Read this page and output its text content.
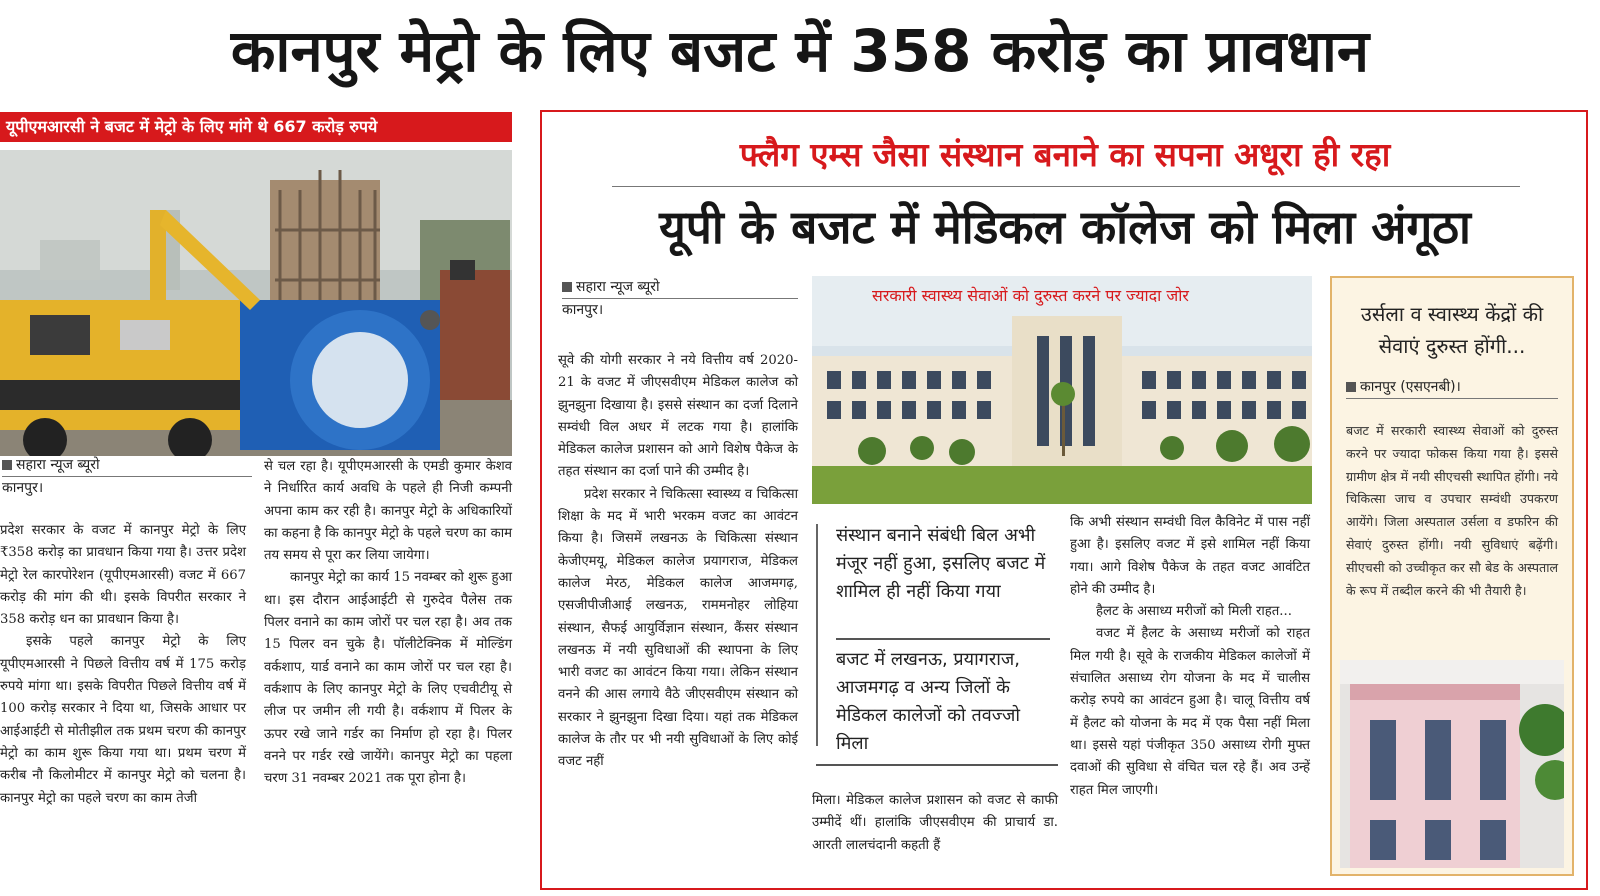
कानपुर मेट्रो के लिए बजट में 358 करोड़ का प्रावधान
यूपीएमआरसी ने बजट में मेट्रो के लिए मांगे थे 667 करोड़ रुपये
सहारा न्यूज ब्यूरो
कानपुर।

प्रदेश सरकार के वजट में कानपुर मेट्रो के लिए ₹358 करोड़ का प्रावधान किया गया है। उत्तर प्रदेश मेट्रो रेल कारपोरेशन (यूपीएमआरसी) वजट में 667 करोड़ की मांग की थी। इसके विपरीत सरकार ने 358 करोड़ धन का प्रावधान किया है।

इसके पहले कानपुर मेट्रो के लिए यूपीएमआरसी ने पिछले वित्तीय वर्ष में 175 करोड़ रुपये मांगा था। इसके विपरीत पिछले वित्तीय वर्ष में 100 करोड़ सरकार ने दिया था, जिसके आधार पर आईआईटी से मोतीझील तक प्रथम चरण की कानपुर मेट्रो का काम शुरू किया गया था। प्रथम चरण में करीब नौ किलोमीटर में कानपुर मेट्रो को चलना है। कानपुर मेट्रो का पहले चरण का काम तेजी

से चल रहा है। यूपीएमआरसी के एमडी कुमार केशव ने निर्धारित कार्य अवधि के पहले ही निजी कम्पनी अपना काम कर रही है। कानपुर मेट्रो के अधिकारियों का कहना है कि कानपुर मेट्रो के पहले चरण का काम तय समय से पूरा कर लिया जायेगा।

कानपुर मेट्रो का कार्य 15 नवम्बर को शुरू हुआ था। इस दौरान आईआईटी से गुरुदेव पैलेस तक पिलर वनाने का काम जोरों पर चल रहा है। अव तक 15 पिलर वन चुके है। पॉलीटेक्निक में मोल्डिंग वर्कशाप, यार्ड वनाने का काम जोरों पर चल रहा है। वर्कशाप के लिए कानपुर मेट्रो के लिए एचवीटीयू से लीज पर जमीन ली गयी है। वर्कशाप में पिलर के ऊपर रखे जाने गर्डर का निर्माण हो रहा है। पिलर वनने पर गर्डर रखे जायेंगे। कानपुर मेट्रो का पहला चरण 31 नवम्बर 2021 तक पूरा होना है।

फ्लैग एम्स जैसा संस्थान बनाने का सपना अधूरा ही रहा
यूपी के बजट में मेडिकल कॉलेज को मिला अंगूठा
सहारा न्यूज ब्यूरो
कानपुर।

सूवे की योगी सरकार ने नये वित्तीय वर्ष 2020-21 के वजट में जीएसवीएम मेडिकल कालेज को झुनझुना दिखाया है। इससे संस्थान का दर्जा दिलाने सम्वंधी विल अधर में लटक गया है। हालांकि मेडिकल कालेज प्रशासन को आगे विशेष पैकेज के तहत संस्थान का दर्जा पाने की उम्मीद है।

प्रदेश सरकार ने चिकित्सा स्वास्थ्य व चिकित्सा शिक्षा के मद में भारी भरकम वजट का आवंटन किया है। जिसमें लखनऊ के चिकित्सा संस्थान केजीएमयू, मेडिकल कालेज प्रयागराज, मेडिकल कालेज मेरठ, मेडिकल कालेज आजमगढ़, एसजीपीजीआई लखनऊ, राममनोहर लोहिया संस्थान, सैफई आयुर्विज्ञान संस्थान, कैंसर संस्थान लखनऊ में नयी सुविधाओं की स्थापना के लिए भारी वजट का आवंटन किया गया। लेकिन संस्थान वनने की आस लगाये वैठे जीएसवीएम संस्थान को सरकार ने झुनझुना दिखा दिया। यहां तक मेडिकल कालेज के तौर पर भी नयी सुविधाओं के लिए कोई वजट नहीं

सरकारी स्वास्थ्य सेवाओं को दुरुस्त करने पर ज्यादा जोर
संस्थान बनाने संबंधी बिल अभी मंजूर नहीं हुआ, इसलिए बजट में शामिल ही नहीं किया गया
बजट में लखनऊ, प्रयागराज, आजमगढ़ व अन्य जिलों के मेडिकल कालेजों को तवज्जो मिला
मिला। मेडिकल कालेज प्रशासन को वजट से काफी उम्मीदें थीं। हालांकि जीएसवीएम की प्राचार्य डा. आरती लालचंदानी कहती हैं

कि अभी संस्थान सम्वंधी विल कैविनेट में पास नहीं हुआ है। इसलिए वजट में इसे शामिल नहीं किया गया। आगे विशेष पैकेज के तहत वजट आवंटित होने की उम्मीद है।

हैलट के असाध्य मरीजों को मिली राहत...

वजट में हैलट के असाध्य मरीजों को राहत मिल गयी है। सूवे के राजकीय मेडिकल कालेजों में संचालित असाध्य रोग योजना के मद में चालीस करोड़ रुपये का आवंटन हुआ है। चालू वित्तीय वर्ष में हैलट को योजना के मद में एक पैसा नहीं मिला था। इससे यहां पंजीकृत 350 असाध्य रोगी मुफ्त दवाओं की सुविधा से वंचित चल रहे हैं। अव उन्हें राहत मिल जाएगी।

उर्सला व स्वास्थ्य केंद्रों की सेवाएं दुरुस्त होंगी...
कानपुर (एसएनबी)।
बजट में सरकारी स्वास्थ्य सेवाओं को दुरुस्त करने पर ज्यादा फोकस किया गया है। इससे ग्रामीण क्षेत्र में नयी सीएचसी स्थापित होंगी। नये चिकित्सा जाच व उपचार सम्वंधी उपकरण आयेंगे। जिला अस्पताल उर्सला व डफरिन की सेवाएं दुरुस्त होंगी। नयी सुविधाएं बढ़ेंगी। सीएचसी को उच्चीकृत कर सौ बेड के अस्पताल के रूप में तब्दील करने की भी तैयारी है।
